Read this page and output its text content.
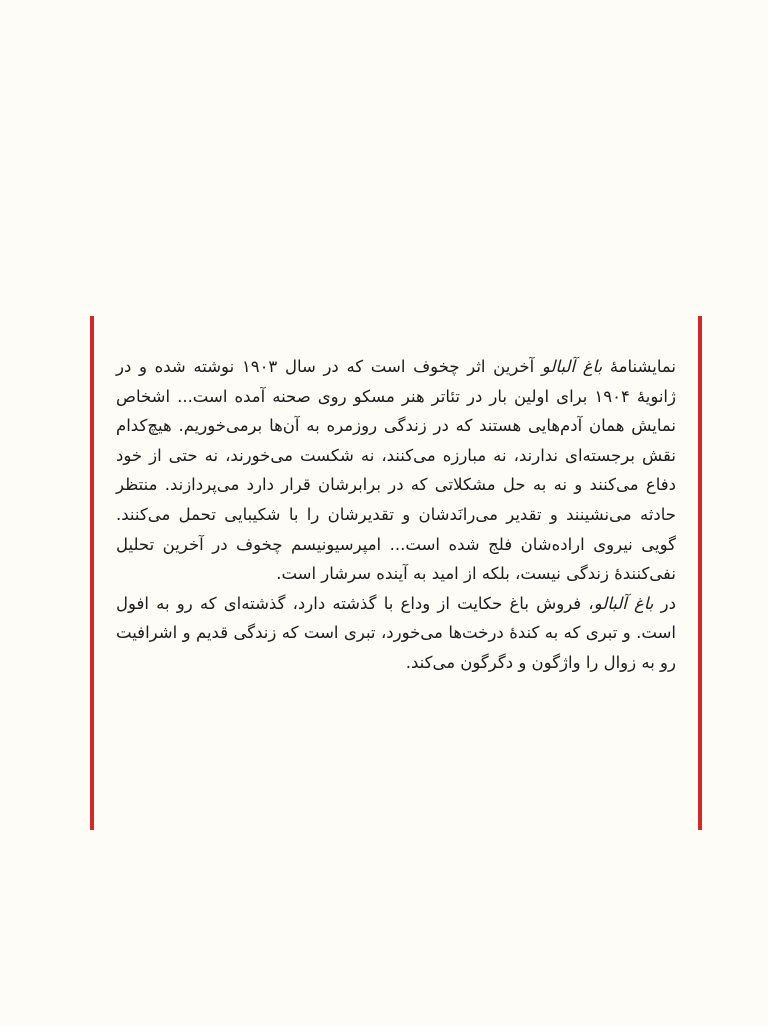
نمایشنامهٔ باغ آلبالو آخرین اثر چخوف است که در سال ۱۹۰۳ نوشته شده و در ژانویهٔ ۱۹۰۴ برای اولین بار در تئاتر هنر مسکو روی صحنه آمده است... اشخاص نمایش همان آدم‌هایی هستند که در زندگی روزمره به آن‌ها برمی‌خوریم. هیچ‌کدام نقش برجسته‌ای ندارند، نه مبارزه می‌کنند، نه شکست می‌خورند، نه حتی از خود دفاع می‌کنند و نه به حل مشکلاتی که در برابرشان قرار دارد می‌پردازند. منتظر حادثه می‌نشینند و تقدیر می‌رانَدشان و تقدیرشان را با شکیبایی تحمل می‌کنند. گویی نیروی اراده‌شان فلج شده است... امپرسیونیسم چخوف در آخرین تحلیل نفی‌کنندهٔ زندگی نیست، بلکه از امید به آینده سرشار است.

در باغ آلبالو، فروش باغ حکایت از وداع با گذشته دارد، گذشته‌ای که رو به افول است. و تبری که به کندهٔ درخت‌ها می‌خورد، تبری است که زندگی قدیم و اشرافیت رو به زوال را واژگون و دگرگون می‌کند.
